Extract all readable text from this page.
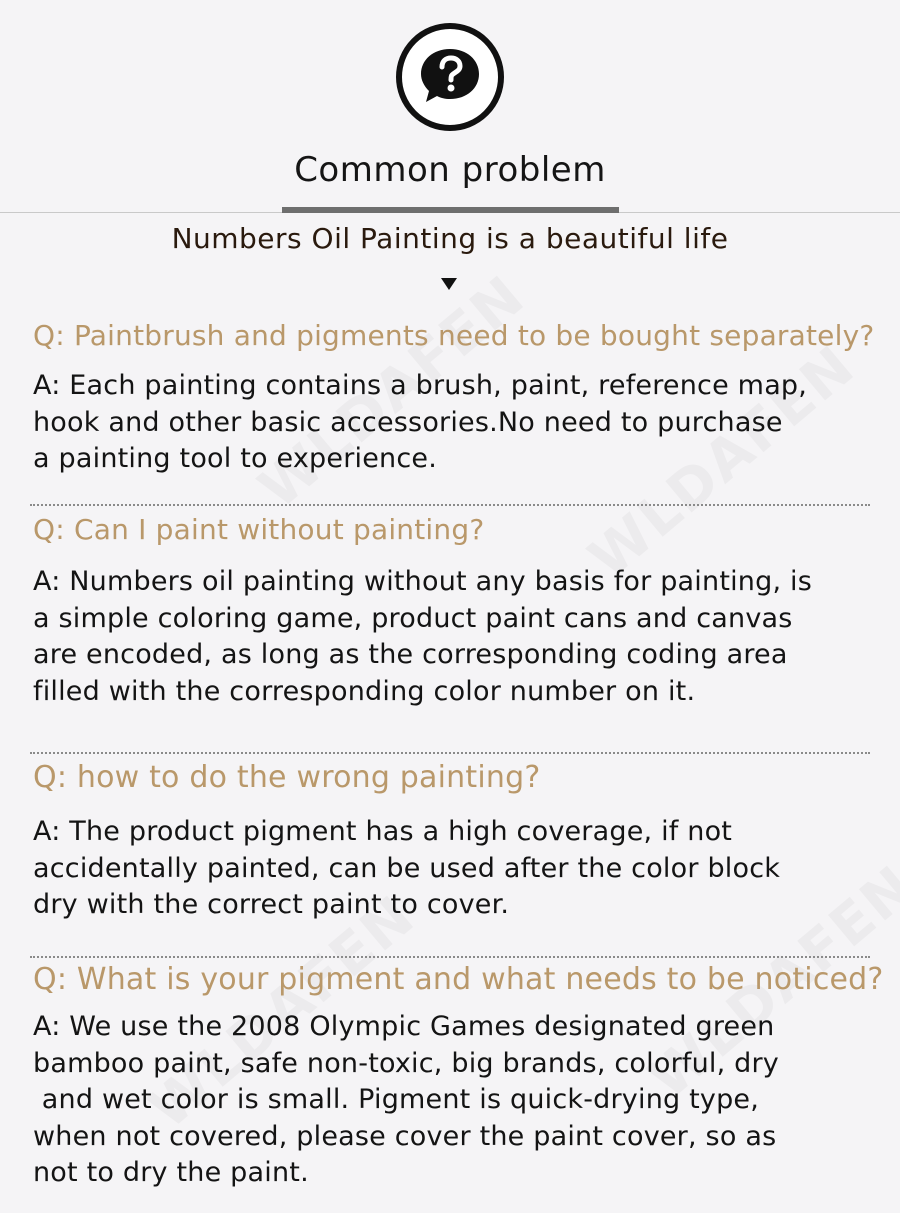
Common problem
Numbers Oil Painting is a beautiful life
Q: Paintbrush and pigments need to be bought separately?
A: Each painting contains a brush, paint, reference map,
hook and other basic accessories.No need to purchase
a painting tool to experience.
Q: Can I paint without painting?
A: Numbers oil painting without any basis for painting, is
a simple coloring game, product paint cans and canvas
are encoded, as long as the corresponding coding area
filled with the corresponding color number on it.
Q: how to do the wrong painting?
A: The product pigment has a high coverage, if not
accidentally painted, can be used after the color block
dry with the correct paint to cover.
Q: What is your pigment and what needs to be noticed?
A: We use the 2008 Olympic Games designated green
bamboo paint, safe non-toxic, big brands, colorful, dry
and wet color is small. Pigment is quick-drying type,
when not covered, please cover the paint cover, so as
not to dry the paint.
